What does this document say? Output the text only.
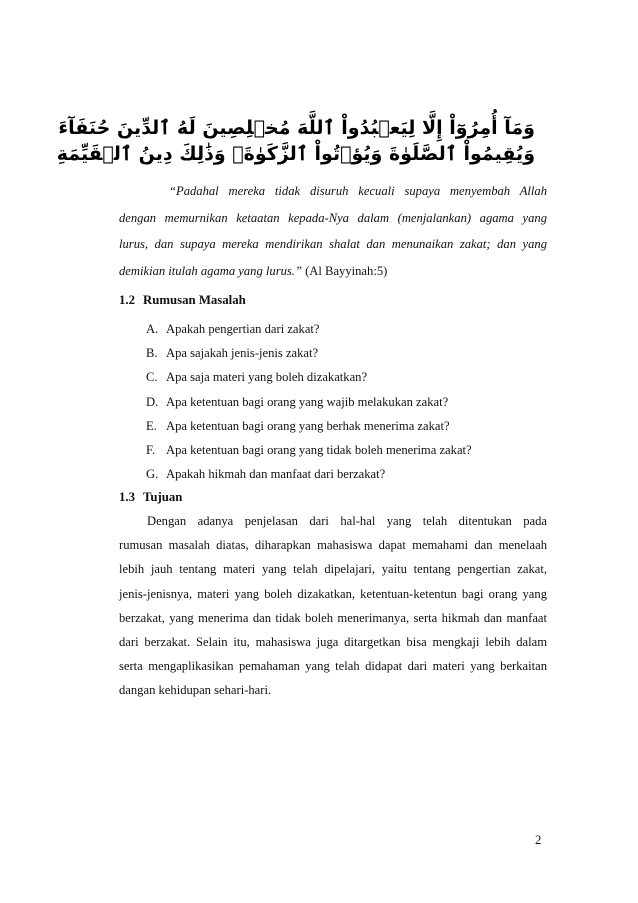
وَمَآ أُمِرُوٓاْ إِلَّا لِيَعۡبُدُواْ ٱللَّهَ مُخۡلِصِينَ لَهُ ٱلدِّينَ حُنَفَآءَ
وَيُقِيمُواْ ٱلصَّلَوٰةَ وَيُؤۡتُواْ ٱلزَّكَوٰةَۚ وَذَٰلِكَ دِينُ ٱلۡقَيِّمَةِ

“Padahal mereka tidak disuruh kecuali supaya menyembah Allah

dengan memurnikan ketaatan kepada-Nya dalam (menjalankan) agama yang

lurus, dan supaya mereka mendirikan shalat dan menunaikan zakat; dan yang

demikian itulah agama yang lurus.” (Al Bayyinah:5)

1.2 Rumusan Masalah
A. Apakah pengertian dari zakat?
B. Apa sajakah jenis-jenis zakat?
C. Apa saja materi yang boleh dizakatkan?
D. Apa ketentuan bagi orang yang wajib melakukan zakat?
E. Apa ketentuan bagi orang yang berhak menerima zakat?
F. Apa ketentuan bagi orang yang tidak boleh menerima zakat?
G. Apakah hikmah dan manfaat dari berzakat?
1.3 Tujuan

Dengan adanya penjelasan dari hal-hal yang telah ditentukan pada

rumusan masalah diatas, diharapkan mahasiswa dapat memahami dan menelaah

lebih jauh tentang materi yang telah dipelajari, yaitu tentang pengertian zakat,

jenis-jenisnya, materi yang boleh dizakatkan, ketentuan-ketentun bagi orang yang

berzakat, yang menerima dan tidak boleh menerimanya, serta hikmah dan manfaat

dari berzakat. Selain itu, mahasiswa juga ditargetkan bisa mengkaji lebih dalam

serta mengaplikasikan pemahaman yang telah didapat dari materi yang berkaitan

dangan kehidupan sehari-hari.

2
